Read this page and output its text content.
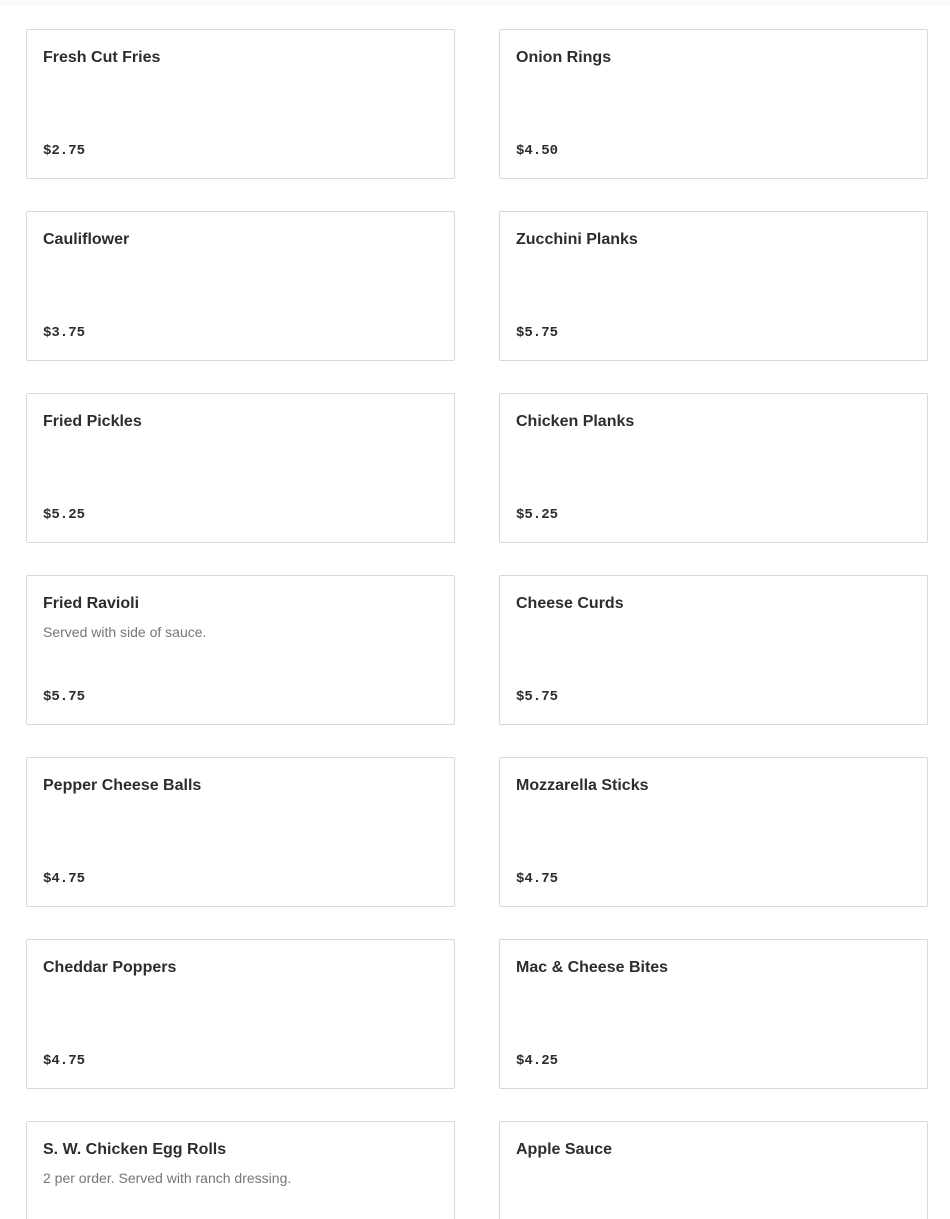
Fresh Cut Fries
$2.75
Onion Rings
$4.50
Cauliflower
$3.75
Zucchini Planks
$5.75
Fried Pickles
$5.25
Chicken Planks
$5.25
Fried Ravioli
Served with side of sauce.
$5.75
Cheese Curds
$5.75
Pepper Cheese Balls
$4.75
Mozzarella Sticks
$4.75
Cheddar Poppers
$4.75
Mac & Cheese Bites
$4.25
S. W. Chicken Egg Rolls
2 per order. Served with ranch dressing.
Apple Sauce
